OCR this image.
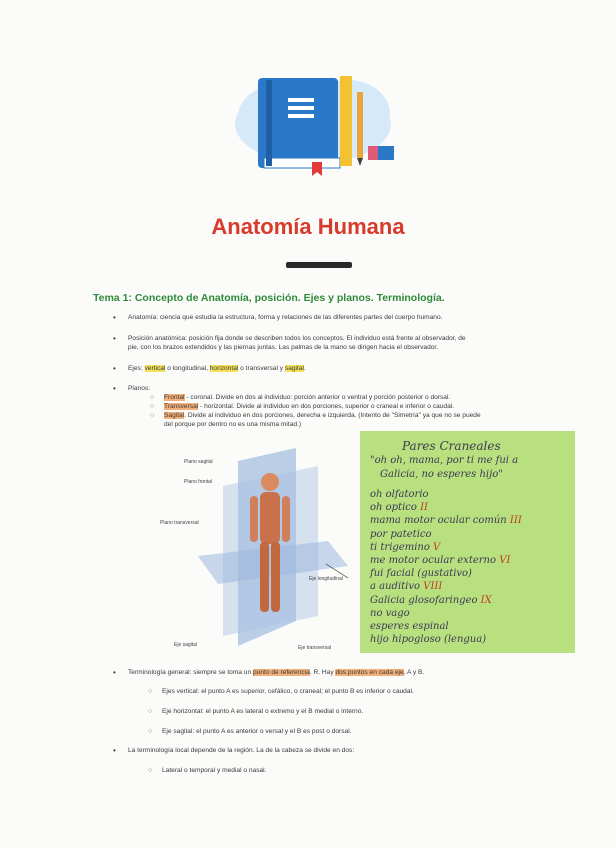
Anatomía Humana
Tema 1: Concepto de Anatomía, posición. Ejes y planos. Terminología.
• Anatomía: ciencia que estudia la estructura, forma y relaciones de las diferentes partes del cuerpo humano.
• Posición anatómica: posición fija donde se describen todos los conceptos. El individuo está frente al observador, de
pie, con los brazos extendidos y las piernas juntas. Las palmas de la mano se dirigen hacia el observador.
• Ejes: vertical o longitudinal, horizontal o transversal y sagital.
• Planos:
○ Frontal - coronal. Divide en dos al individuo: porción anterior o ventral y porción posterior o dorsal.
○ Transversal - horizontal. Divide al individuo en dos porciones, superior o craneal e inferior o caudal.
○ Sagital. Divide al individuo en dos porciones, derecha e izquierda. (Intento de "Simetría" ya que no se puede
del porque por dentro no es una misma mitad.)
Plano sagital
Plano frontal
Plano transversal
Eje longitudinal
Eje sagital	Eje transversal
Pares Craneales
"oh oh, mama, por ti me fui a
Galicia, no esperes hijo"
oh olfatorio
oh optico II
mama motor ocular común III
por patetico
ti trigemino V
me motor ocular externo VI
fui facial (gustativo)
a auditivo VIII
Galicia glosofaringeo IX
no vago
esperes espinal
hijo hipogloso (lengua)
• Terminología general: siempre se toma un punto de referencia. R. Hay dos puntos en cada eje, A y B.
○ Ejes vertical: el punto A es superior, cefálico, o craneal; el punto B es inferior o caudal.
○ Eje horizontal: el punto A es lateral o extremo y el B medial o interno.
○ Eje sagital: el punto A es anterior o versal y el B es post o dorsal.
• La terminología local depende de la región. La de la cabeza se divide en dos:
○ Lateral o temporal y medial o nasal.
